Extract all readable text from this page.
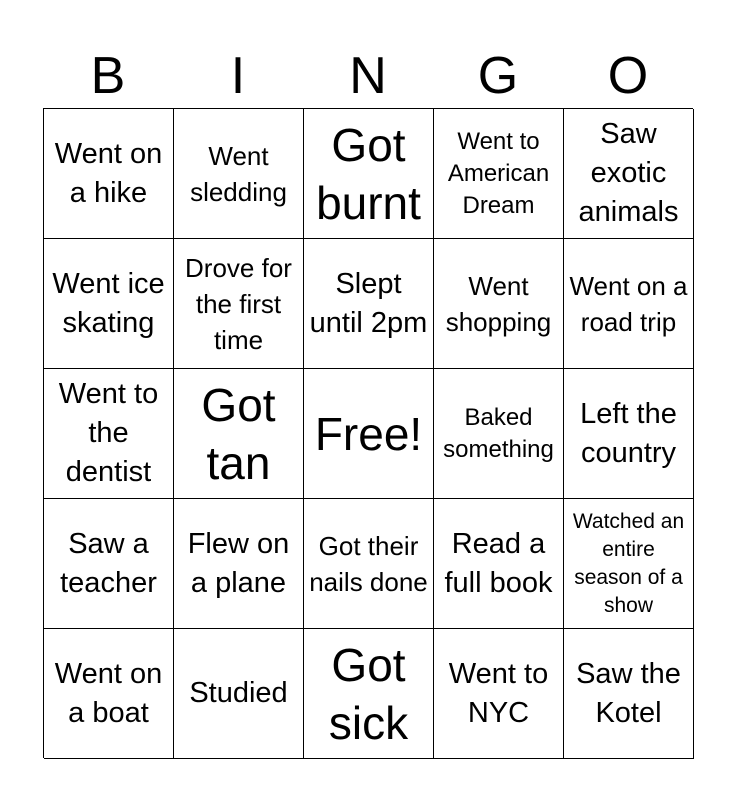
B	I	N	G	O
Went on a hike
Went sledding
Got burnt
Went to American Dream
Saw exotic animals
Went ice skating
Drove for the first time
Slept until 2pm
Went shopping
Went on a road trip
Went to the dentist
Got tan
Free!	Baked something
Left the country
Saw a teacher
Flew on a plane
Got their nails done
Read a full book
Watched an entire season of a show
Went on a boat
Studied
Got sick
Went to NYC
Saw the Kotel
